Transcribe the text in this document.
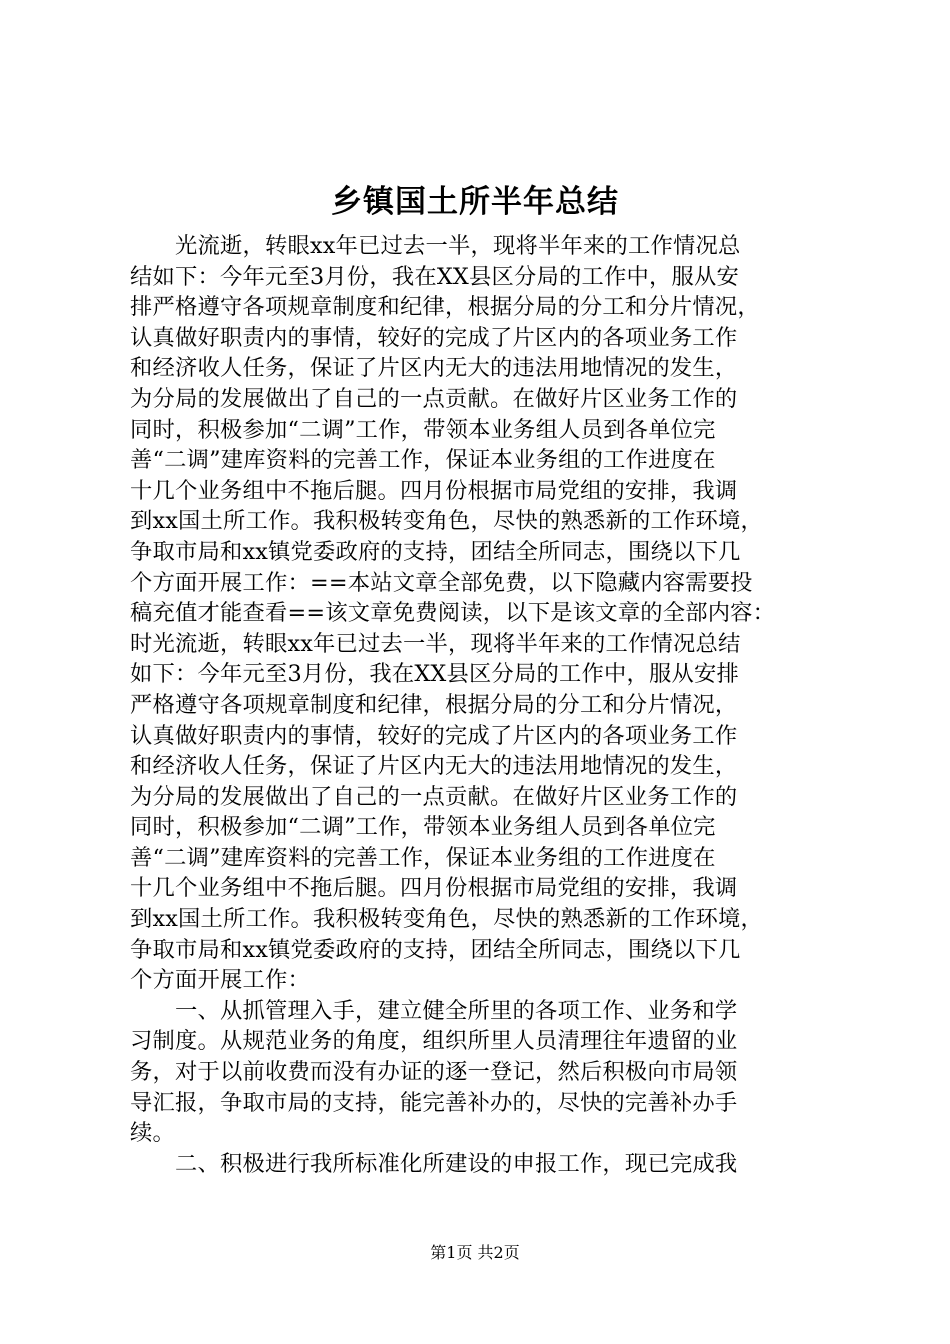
乡镇国土所半年总结
　　光流逝，转眼xx年已过去一半，现将半年来的工作情况总
结如下：今年元至3月份，我在XX县区分局的工作中，服从安
排严格遵守各项规章制度和纪律，根据分局的分工和分片情况，
认真做好职责内的事情，较好的完成了片区内的各项业务工作
和经济收人任务，保证了片区内无大的违法用地情况的发生，
为分局的发展做出了自己的一点贡献。在做好片区业务工作的
同时，积极参加“二调”工作，带领本业务组人员到各单位完
善“二调”建库资料的完善工作，保证本业务组的工作进度在
十几个业务组中不拖后腿。四月份根据市局党组的安排，我调
到xx国土所工作。我积极转变角色，尽快的熟悉新的工作环境，
争取市局和xx镇党委政府的支持，团结全所同志，围绕以下几
个方面开展工作：==本站文章全部免费，以下隐藏内容需要投
稿充值才能查看==该文章免费阅读，以下是该文章的全部内容：
时光流逝，转眼xx年已过去一半，现将半年来的工作情况总结
如下：今年元至3月份，我在XX县区分局的工作中，服从安排
严格遵守各项规章制度和纪律，根据分局的分工和分片情况，
认真做好职责内的事情，较好的完成了片区内的各项业务工作
和经济收人任务，保证了片区内无大的违法用地情况的发生，
为分局的发展做出了自己的一点贡献。在做好片区业务工作的
同时，积极参加“二调”工作，带领本业务组人员到各单位完
善“二调”建库资料的完善工作，保证本业务组的工作进度在
十几个业务组中不拖后腿。四月份根据市局党组的安排，我调
到xx国土所工作。我积极转变角色，尽快的熟悉新的工作环境，
争取市局和xx镇党委政府的支持，团结全所同志，围绕以下几
个方面开展工作：
　　一、从抓管理入手，建立健全所里的各项工作、业务和学
习制度。从规范业务的角度，组织所里人员清理往年遗留的业
务，对于以前收费而没有办证的逐一登记，然后积极向市局领
导汇报，争取市局的支持，能完善补办的，尽快的完善补办手
续。
　　二、积极进行我所标准化所建设的申报工作，现已完成我
第1页 共2页
